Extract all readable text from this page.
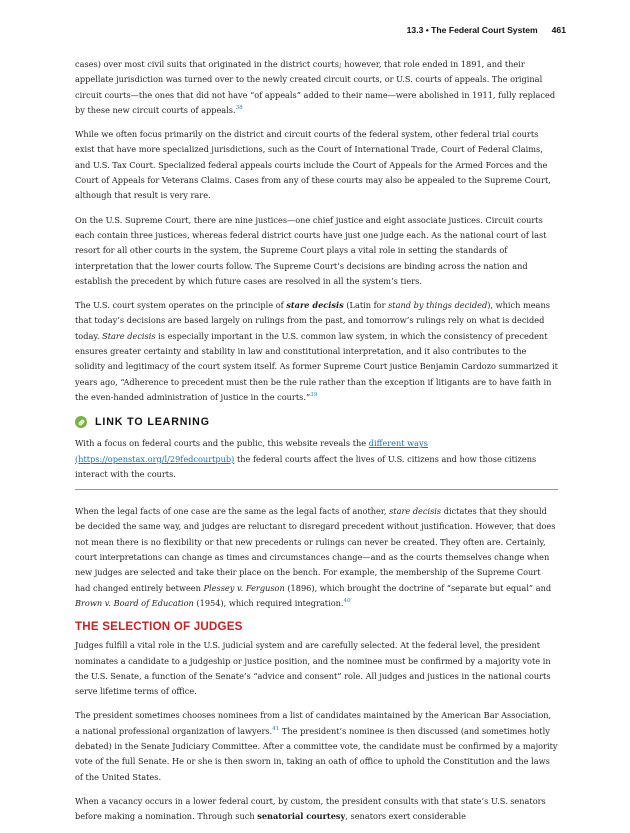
13.3 • The Federal Court System 461

cases) over most civil suits that originated in the district courts; however, that role ended in 1891, and their appellate jurisdiction was turned over to the newly created circuit courts, or U.S. courts of appeals. The original circuit courts—the ones that did not have “of appeals” added to their name—were abolished in 1911, fully replaced by these new circuit courts of appeals.$^{38}$

While we often focus primarily on the district and circuit courts of the federal system, other federal trial courts exist that have more specialized jurisdictions, such as the Court of International Trade, Court of Federal Claims, and U.S. Tax Court. Specialized federal appeals courts include the Court of Appeals for the Armed Forces and the Court of Appeals for Veterans Claims. Cases from any of these courts may also be appealed to the Supreme Court, although that result is very rare.

On the U.S. Supreme Court, there are nine justices—one chief justice and eight associate justices. Circuit courts each contain three justices, whereas federal district courts have just one judge each. As the national court of last resort for all other courts in the system, the Supreme Court plays a vital role in setting the standards of interpretation that the lower courts follow. The Supreme Court’s decisions are binding across the nation and establish the precedent by which future cases are resolved in all the system’s tiers.

The U.S. court system operates on the principle of stare decisis (Latin for stand by things decided), which means that today’s decisions are based largely on rulings from the past, and tomorrow’s rulings rely on what is decided today. Stare decisis is especially important in the U.S. common law system, in which the consistency of precedent ensures greater certainty and stability in law and constitutional interpretation, and it also contributes to the solidity and legitimacy of the court system itself. As former Supreme Court justice Benjamin Cardozo summarized it years ago, “Adherence to precedent must then be the rule rather than the exception if litigants are to have faith in the even-handed administration of justice in the courts.”$^{39}$

LINK TO LEARNING

With a focus on federal courts and the public, this website reveals the different ways (https://openstax.org/l/29fedcourtpub) the federal courts affect the lives of U.S. citizens and how those citizens interact with the courts.

When the legal facts of one case are the same as the legal facts of another, stare decisis dictates that they should be decided the same way, and judges are reluctant to disregard precedent without justification. However, that does not mean there is no flexibility or that new precedents or rulings can never be created. They often are. Certainly, court interpretations can change as times and circumstances change—and as the courts themselves change when new judges are selected and take their place on the bench. For example, the membership of the Supreme Court had changed entirely between Plessey v. Ferguson (1896), which brought the doctrine of “separate but equal” and Brown v. Board of Education (1954), which required integration.$^{40}$

THE SELECTION OF JUDGES

Judges fulfill a vital role in the U.S. judicial system and are carefully selected. At the federal level, the president nominates a candidate to a judgeship or justice position, and the nominee must be confirmed by a majority vote in the U.S. Senate, a function of the Senate’s “advice and consent” role. All judges and justices in the national courts serve lifetime terms of office.

The president sometimes chooses nominees from a list of candidates maintained by the American Bar Association, a national professional organization of lawyers.$^{41}$ The president’s nominee is then discussed (and sometimes hotly debated) in the Senate Judiciary Committee. After a committee vote, the candidate must be confirmed by a majority vote of the full Senate. He or she is then sworn in, taking an oath of office to uphold the Constitution and the laws of the United States.

When a vacancy occurs in a lower federal court, by custom, the president consults with that state’s U.S. senators before making a nomination. Through such senatorial courtesy, senators exert considerable
